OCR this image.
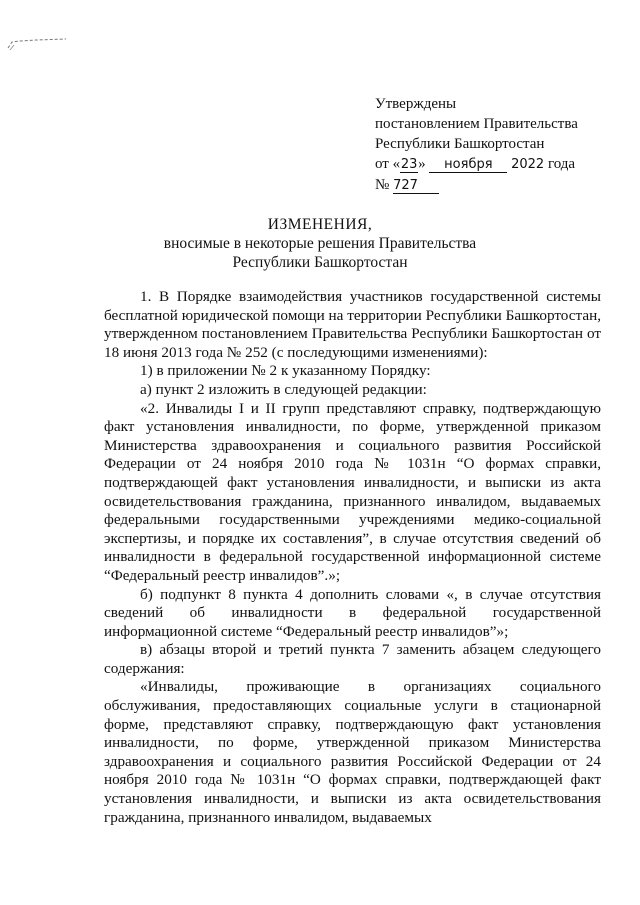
Утверждены
постановлением Правительства
Республики Башкортостан
от «23» ноября 2022 года
№ 727
ИЗМЕНЕНИЯ,
вносимые в некоторые решения Правительства
Республики Башкортостан

1. В Порядке взаимодействия участников государственной системы бесплатной юридической помощи на территории Республики Башкортостан, утвержденном постановлением Правительства Республики Башкортостан от 18 июня 2013 года № 252 (с последующими изменениями):

1) в приложении № 2 к указанному Порядку:

а) пункт 2 изложить в следующей редакции:

«2. Инвалиды I и II групп представляют справку, подтверждающую факт установления инвалидности, по форме, утвержденной приказом Министерства здравоохранения и социального развития Российской Федерации от 24 ноября 2010 года № 1031н “О формах справки, подтверждающей факт установления инвалидности, и выписки из акта освидетельствования гражданина, признанного инвалидом, выдаваемых федеральными государственными учреждениями медико-социальной экспертизы, и порядке их составления”, в случае отсутствия сведений об инвалидности в федеральной государственной информационной системе “Федеральный реестр инвалидов”.»;

б) подпункт 8 пункта 4 дополнить словами «, в случае отсутствия сведений об инвалидности в федеральной государственной информационной системе “Федеральный реестр инвалидов”»;

в) абзацы второй и третий пункта 7 заменить абзацем следующего содержания:

«Инвалиды, проживающие в организациях социального обслуживания, предоставляющих социальные услуги в стационарной форме, представляют справку, подтверждающую факт установления инвалидности, по форме, утвержденной приказом Министерства здравоохранения и социального развития Российской Федерации от 24 ноября 2010 года № 1031н “О формах справки, подтверждающей факт установления инвалидности, и выписки из акта освидетельствования гражданина, признанного инвалидом, выдаваемых
